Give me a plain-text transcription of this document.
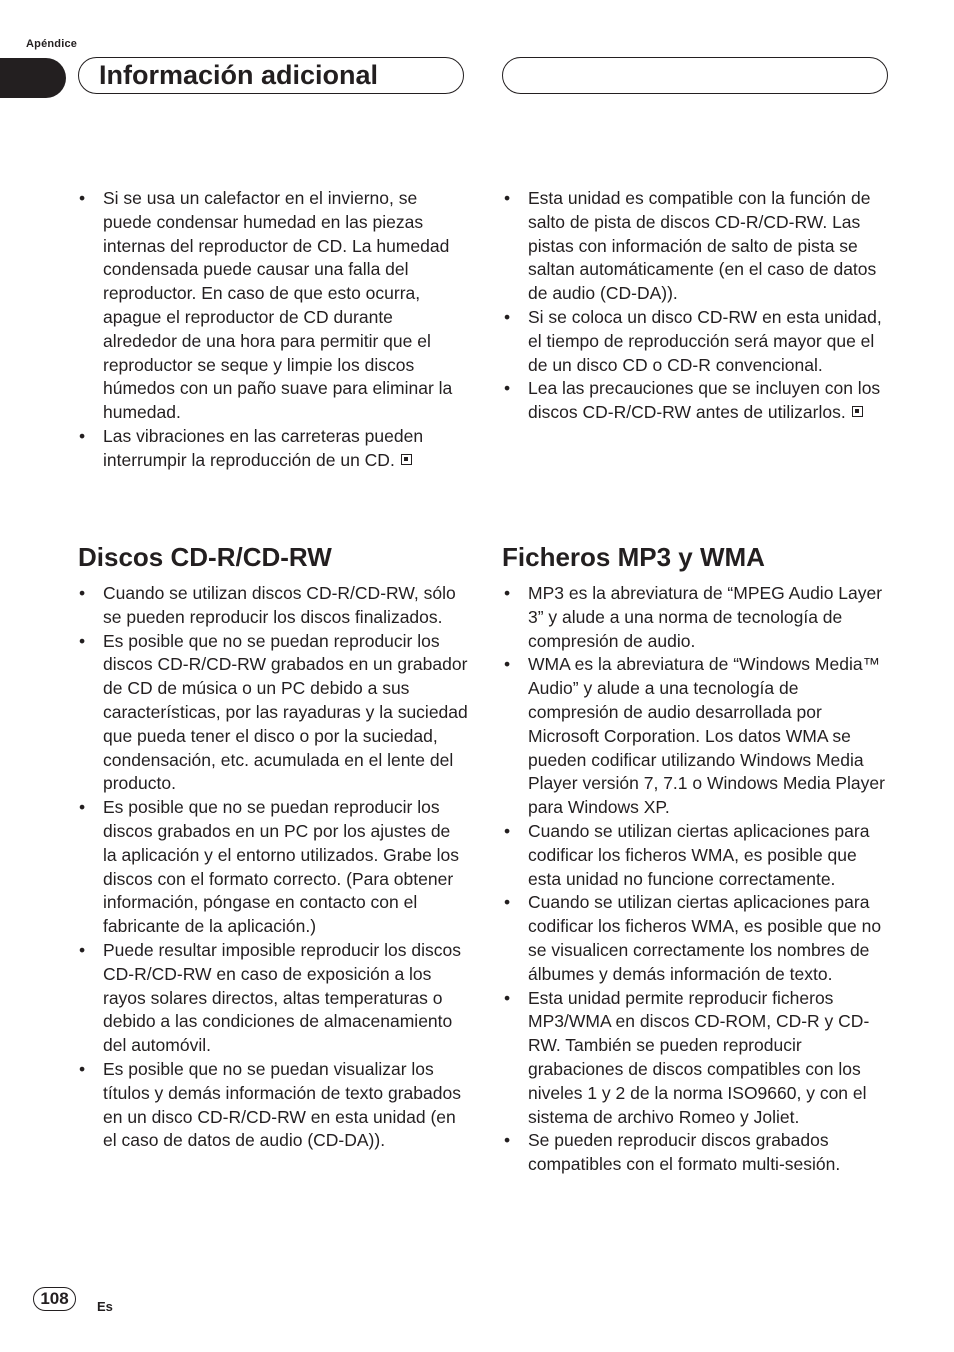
Apéndice
Información adicional
• Si se usa un calefactor en el invierno, se puede condensar humedad en las piezas internas del reproductor de CD. La humedad condensada puede causar una falla del reproductor. En caso de que esto ocurra, apague el reproductor de CD durante alrededor de una hora para permitir que el reproductor se seque y limpie los discos húmedos con un paño suave para eliminar la humedad.
• Las vibraciones en las carreteras pueden interrumpir la reproducción de un CD.
• Esta unidad es compatible con la función de salto de pista de discos CD-R/CD-RW. Las pistas con información de salto de pista se saltan automáticamente (en el caso de datos de audio (CD-DA)).
• Si se coloca un disco CD-RW en esta unidad, el tiempo de reproducción será mayor que el de un disco CD o CD-R convencional.
• Lea las precauciones que se incluyen con los discos CD-R/CD-RW antes de utilizarlos.
Discos CD-R/CD-RW	Ficheros MP3 y WMA
• Cuando se utilizan discos CD-R/CD-RW, sólo se pueden reproducir los discos finalizados.
• Es posible que no se puedan reproducir los discos CD-R/CD-RW grabados en un grabador de CD de música o un PC debido a sus características, por las rayaduras y la suciedad que pueda tener el disco o por la suciedad, condensación, etc. acumulada en el lente del producto.
• Es posible que no se puedan reproducir los discos grabados en un PC por los ajustes de la aplicación y el entorno utilizados. Grabe los discos con el formato correcto. (Para obtener información, póngase en contacto con el fabricante de la aplicación.)
• Puede resultar imposible reproducir los discos CD-R/CD-RW en caso de exposición a los rayos solares directos, altas temperaturas o debido a las condiciones de almacenamiento del automóvil.
• Es posible que no se puedan visualizar los títulos y demás información de texto grabados en un disco CD-R/CD-RW en esta unidad (en el caso de datos de audio (CD-DA)).
• MP3 es la abreviatura de “MPEG Audio Layer 3” y alude a una norma de tecnología de compresión de audio.
• WMA es la abreviatura de “Windows Media™ Audio” y alude a una tecnología de compresión de audio desarrollada por Microsoft Corporation. Los datos WMA se pueden codificar utilizando Windows Media Player versión 7, 7.1 o Windows Media Player para Windows XP.
• Cuando se utilizan ciertas aplicaciones para codificar los ficheros WMA, es posible que esta unidad no funcione correctamente.
• Cuando se utilizan ciertas aplicaciones para codificar los ficheros WMA, es posible que no se visualicen correctamente los nombres de álbumes y demás información de texto.
• Esta unidad permite reproducir ficheros MP3/WMA en discos CD-ROM, CD-R y CD-RW. También se pueden reproducir grabaciones de discos compatibles con los niveles 1 y 2 de la norma ISO9660, y con el sistema de archivo Romeo y Joliet.
• Se pueden reproducir discos grabados compatibles con el formato multi-sesión.
108	Es
